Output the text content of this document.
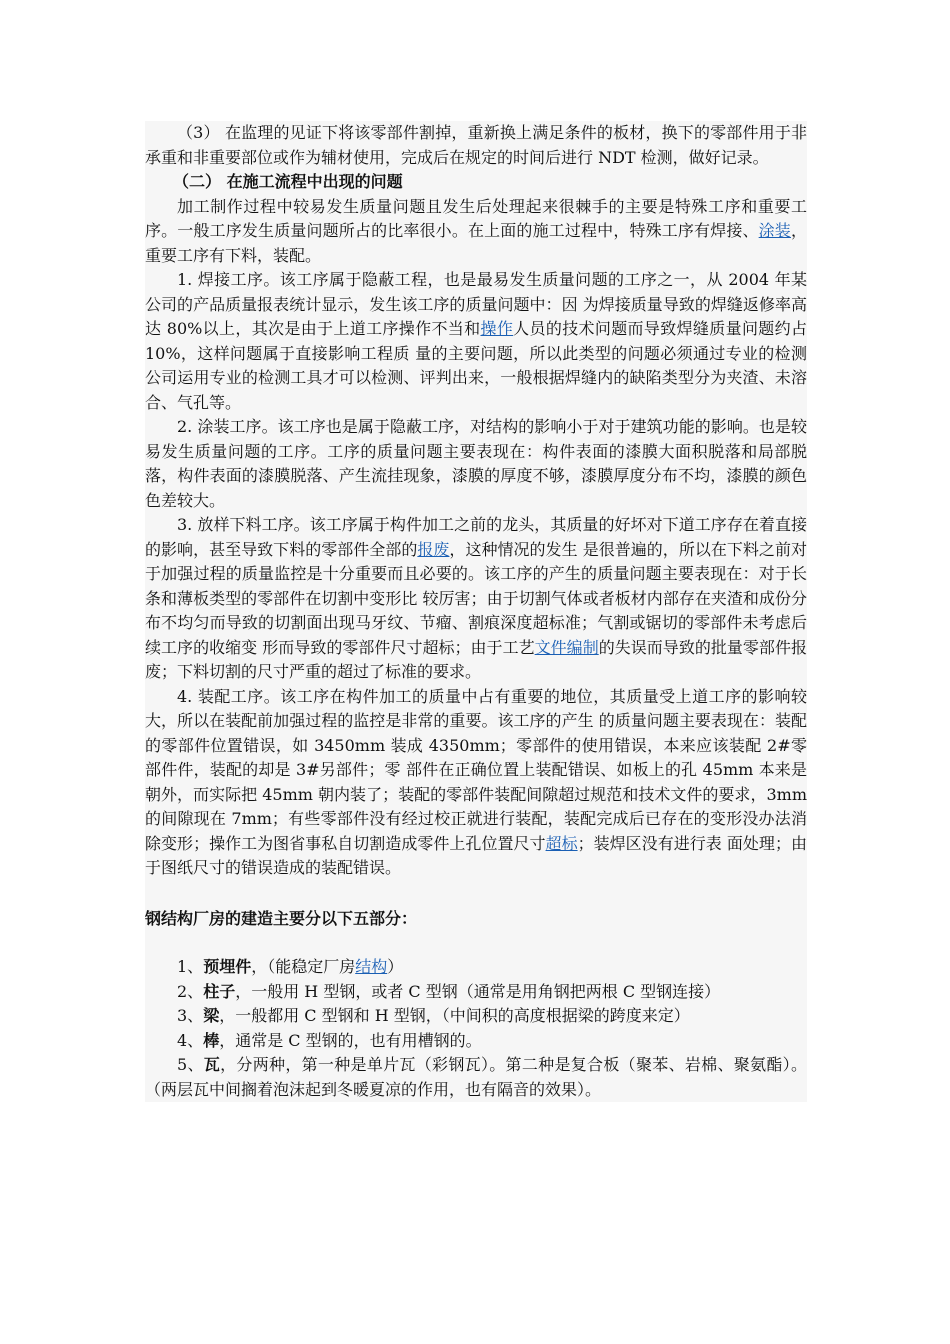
（3） 在监理的见证下将该零部件割掉，重新换上满足条件的板材，换下的零部件用于非承重和非重要部位或作为辅材使用，完成后在规定的时间后进行 NDT 检测，做好记录。

（二） 在施工流程中出现的问题

加工制作过程中较易发生质量问题且发生后处理起来很棘手的主要是特殊工序和重要工序。一般工序发生质量问题所占的比率很小。在上面的施工过程中，特殊工序有焊接、涂装，重要工序有下料，装配。

1. 焊接工序。该工序属于隐蔽工程，也是最易发生质量问题的工序之一，从 2004 年某公司的产品质量报表统计显示，发生该工序的质量问题中：因 为焊接质量导致的焊缝返修率高达 80%以上，其次是由于上道工序操作不当和操作人员的技术问题而导致焊缝质量问题约占 10%，这样问题属于直接影响工程质 量的主要问题，所以此类型的问题必须通过专业的检测公司运用专业的检测工具才可以检测、评判出来，一般根据焊缝内的缺陷类型分为夹渣、未溶合、气孔等。

2. 涂装工序。该工序也是属于隐蔽工序，对结构的影响小于对于建筑功能的影响。也是较易发生质量问题的工序。工序的质量问题主要表现在：构件表面的漆膜大面积脱落和局部脱落，构件表面的漆膜脱落、产生流挂现象，漆膜的厚度不够，漆膜厚度分布不均，漆膜的颜色色差较大。

3. 放样下料工序。该工序属于构件加工之前的龙头，其质量的好坏对下道工序存在着直接的影响，甚至导致下料的零部件全部的报废，这种情况的发生 是很普遍的，所以在下料之前对于加强过程的质量监控是十分重要而且必要的。该工序的产生的质量问题主要表现在：对于长条和薄板类型的零部件在切割中变形比 较厉害；由于切割气体或者板材内部存在夹渣和成份分布不均匀而导致的切割面出现马牙纹、节瘤、割痕深度超标准；气割或锯切的零部件未考虑后续工序的收缩变 形而导致的零部件尺寸超标；由于工艺文件编制的失误而导致的批量零部件报废；下料切割的尺寸严重的超过了标准的要求。

4. 装配工序。该工序在构件加工的质量中占有重要的地位，其质量受上道工序的影响较大，所以在装配前加强过程的监控是非常的重要。该工序的产生 的质量问题主要表现在：装配的零部件位置错误，如 3450mm 装成 4350mm；零部件的使用错误，本来应该装配 2#零部件件，装配的却是 3#另部件；零 部件在正确位置上装配错误、如板上的孔 45mm 本来是朝外，而实际把 45mm 朝内装了；装配的零部件装配间隙超过规范和技术文件的要求，3mm 的间隙现在 7mm；有些零部件没有经过校正就进行装配，装配完成后已存在的变形没办法消除变形；操作工为图省事私自切割造成零件上孔位置尺寸超标；装焊区没有进行表 面处理；由于图纸尺寸的错误造成的装配错误。

钢结构厂房的建造主要分以下五部分：

1、预埋件，（能稳定厂房结构）

2、柱子，一般用 H 型钢，或者 C 型钢（通常是用角钢把两根 C 型钢连接）

3、梁，一般都用 C 型钢和 H 型钢，（中间积的高度根据梁的跨度来定）

4、棒，通常是 C 型钢的，也有用槽钢的。

5、瓦，分两种，第一种是单片瓦（彩钢瓦）。第二种是复合板（聚苯、岩棉、聚氨酯）。（两层瓦中间搁着泡沫起到冬暖夏凉的作用，也有隔音的效果）。
